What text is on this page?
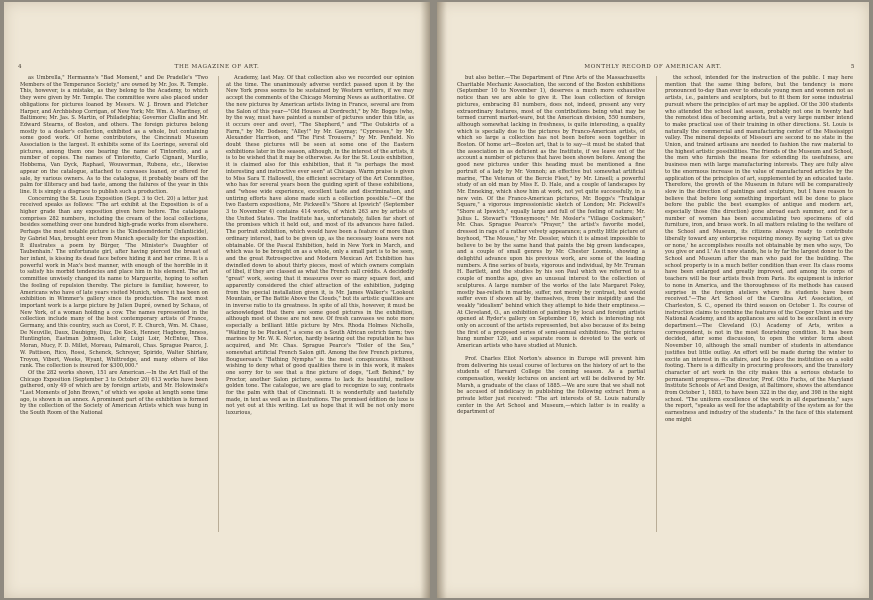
4	THE MAGAZINE OF ART.

as Umbrella," Hermanns's "Bad Moment," and De Pradelle's "Two Members of the Temperance Society," are owned by Mr. Jos. R. Temple. This, however, is a mistake, as they belong to the Academy, to which they were given by Mr. Temple. The committee were also placed under obligations for pictures loaned by Messrs. W. J. Brown and Fletcher Harper, and Archbishop Corrigan, of New York; Mr. Wm. A. Maritney, of Baltimore; Mr. Jas. S. Martin, of Philadelphia; Governor Claflin and Mr. Edward Stearns, of Boston, and others. The foreign pictures belong mostly to a dealer's collection, exhibited as a whole, but containing some good work. Of home contributors, the Cincinnati Museum Association is the largest. It exhibits some of its Loeringe, several old pictures, among them one bearing the name of Tintoretto, and a number of copies. The names of Tintoretto, Carlo Cignani, Murillo, Hobbema, Van Dyck, Raphael, Wouwerman, Rubens, etc., likewise appear on the catalogue, attached to canvases loaned, or offered for sale, by various owners. As to the catalogue, it probably bears off the palm for illiteracy and bad taste, among the failures of the year in this line. It is simply a disgrace to publish such a production.

Concerning the St. Louis Exposition (Sept. 3 to Oct. 20) a letter just received speaks as follows: "The art exhibit at the Exposition is of a higher grade than any exposition given here before. The catalogue comprises 282 numbers, including the cream of the local collections, besides something over one hundred high-grade works from elsewhere. Perhaps the most notable picture is the 'Kindesmörderin' (Infanticide), by Gabriel Max, brought over from Munich specially for the exposition. It illustrates a poem by Bürger, 'The Minister's Daughter of Taubenhain.' The unfortunate girl, after having pierced the breast of her infant, is kissing its dead face before hiding it and her crime. It is a powerful work in Max's best manner, with enough of the horrible in it to satisfy his morbid tendencies and place him in his element. The art committee unwisely changed its name to Marguerite, hoping to soften the feeling of repulsion thereby. The picture is familiar, however, to Americans who have of late years visited Munich, where it has been on exhibition in Wimmer's gallery since its production. The next most important work is a large picture by Julien Dupré, owned by Schaus, of New York, of a woman holding a cow. The names represented in the collection include many of the best contemporary artists of France, Germany, and this country, such as Corot, F. E. Church, Wm. M. Chase, De Neuville, Daux, Daubigny, Diaz, De Kock, Henner, Hagborg, Inness, Huntington, Eastman Johnson, Leloir, Luigi Loir, McEntee, Thos. Moran, Mucy, F. D. Millet, Moreau, Palmaroli, Chas. Sprague Pearce, J. W. Pattison, Rico, Rossi, Schenck, Schreyer, Spirido, Walter Shirlaw, Troyon, Vibert, Weeks, Wyant, Whittredge, and many others of like rank. The collection is insured for $300,000."

Of the 282 works shown, 151 are American.—In the Art Hall of the Chicago Exposition (September 3 to October 20) 613 works have been gathered, only 49 of which are by foreign artists, and Mr. Holowinski's "Last Moments of John Brown," of which we spoke at length some time ago, is shown in an annex. A prominent part of the exhibition is formed by the collection of the Society of American Artists which was hung in the South Room of the National

Academy, last May. Of that collection also we recorded our opinion at the time. The unanimously adverse verdict passed upon it by the New York press seems to be sustained by Western writers, if we may accept the comments of the Chicago Morning News as authoritative. Of the new pictures by American artists living in France, several are from the Salon of this year—"Old Houses at Dordrecht," by Mr. Boggs (who, by the way, must have painted a number of pictures under this title, as it occurs over and over), "The Shepherd," and "The Outskirts of a Farm," by Mr. Dodson; "Alley!" by Mr. Gaymay; "Cypresses," by Mr. Alexander Harrison, and "The First Trousers," by Mr. Penfield. No doubt these pictures will be seen at some one of the Eastern exhibitions later in the season, although, in the interest of the artists, it is to be wished that it may be otherwise. As for the St. Louis exhibition, it is claimed also for this exhibition, that it "is perhaps the most interesting and instructive ever seen" at Chicago. Warm praise is given to Miss Sara T. Hallowell, the efficient secretary of the Art Committee, who has for several years been the guiding spirit of these exhibitions, and "whose wide experience, excellent taste and discrimination, and untiring efforts have alone made such a collection possible."—Of the two Eastern expositions, Mr. Pickwell's "Shore at Ipswich" (September 3 to November 4) contains 414 works, of which 263 are by artists of the United States. The Institute has, unfortunately, fallen far short of the promises which it held out, and most of its advances have failed. The portrait exhibition, which would have been a feature of more than ordinary interest, had to be given up, as the necessary loans were not obtainable. Of the Pascal Exhibition, held in New York in March, and which was to be brought on as a whole, only a small part is to be seen, and the great Retrospective and Modern Mexican Art Exhibition has dwindled down to about thirty pieces, most of which owners complain of libel, if they are classed as what the French call crédits. A decidedly "great" work, seeing that it measures over so many square feet, and apparently considered the chief attraction of the exhibition, judging from the special installation given it, is Mr. James Walker's "Lookout Mountain, or The Battle Above the Clouds," but its artistic qualities are in inverse ratio to its greatness. In spite of all this, however, it must be acknowledged that there are some good pictures in the exhibition, although most of these are not new. Of fresh canvases we note more especially a brilliant little picture by Mrs. Rhoda Holmes Nicholls, "Waiting to be Plucked," a scene on a South African ostrich farm; two marines by Mr. W. K. Norton, hardly bearing out the reputation he has acquired, and Mr. Chas. Sprague Pearce's "Toiler of the Sea," somewhat artificial French Salon gift. Among the few French pictures, Bouguereau's "Bathing Nymphs" is the most conspicuous. Without wishing to deny what of good qualities there is in this work, it makes one sorry for to see that a fine picture of dogs, "Left Behind," by Proctor, another Salon picture, seems to lack its beautiful, mellow golden tone. The catalogue, we are glad to recognize to say, contrasts for the palm with that of Cincinnati. It is wonderfully and tastefully made, in text as well as in illustrations. The promised édition de luxe is not yet out at this writing. Let us hope that it will be not only more luxurious,

MONTHLY RECORD OF AMERICAN ART.	5

but also better.—The Department of Fine Arts of the Massachusetts Charitable Mechanic Association, the second of the Boston exhibitions (September 10 to November 1), deserves a much more exhaustive notice than we are able to give it. The loan collection of foreign pictures, embracing 81 numbers, does not, indeed, present any very extraordinary features, most of the contributions being what may be termed current market-ware, but the American division, 550 numbers, although somewhat lacking in freshness, is quite interesting, a quality which is specially due to the pictures by Franco-American artists, of which so large a collection has not been before seen together in Boston. Of home art—Boston art, that is to say—it must be stated that the association in as deficient as the Institute, if we leave out of the account a number of pictures that have been shown before. Among the good new pictures under this heading must be mentioned a fine portrait of a lady by Mr. Vonnoh; an effective but somewhat artificial marine, "The Veteran of the Bercie Fleet," by Mr. Linsell; a powerful study of an old man by Miss E. D. Hale, and a couple of landscapes by Mr. Enneking, which show him at work, not yet quite successfully, in a new vein. Of the Franco-American pictures, Mr. Boggs's "Trafalgar Square," a vigorous impressionistic sketch of London; Mr. Pickwell's "Shore at Ipswich," equally large and full of the feeling of nature; Mr. Julius L. Stewart's "Honeymoon;" Mr. Mosler's "Village Cockmaker;" Mr. Chas. Sprague Pearce's "Prayer," the artist's favorite model, dressed in rags of a rather velvety appearance; a pretty little picture of boyhood, "The Mouse," by Mr. Dessler, which it is almost impossible to believe to be by the same hand that paints the big green landscapes, and a couple of small genres by Mr. Chester Loomis, showing a delightful advance upon his previous work, are some of the leading numbers. A fine series of busts, vigorous and individual, by Mr. Truman H. Bartlett, and the studies by his son Paul which we referred to a couple of months ago, give an unusual interest to the collection of sculptures. A large number of the works of the late Margaret Foley, mostly bas-reliefs in marble, suffer, not merely by contrast, but would suffer even if shown all by themselves, from their insipidity and the weakly "idealism" behind which they attempt to hide their emptiness.—At Cleveland, O., an exhibition of paintings by local and foreign artists opened at Ryder's gallery on September 16, which is interesting not only on account of the artists represented, but also because of its being the first of a proposed series of semi-annual exhibitions. The pictures hung number 120, and a separate room is devoted to the work of American artists who have studied at Munich.

Prof. Charles Eliot Norton's absence in Europe will prevent him from delivering his usual course of lectures on the history of art to the students of Harvard College the coming season. As a partial compensation, weekly lectures on ancient art will be delivered by Mr. Marsh, a graduate of the class of 1885.—We are sure that we shall not be accused of indelicacy in publishing the following extract from a private letter just received: "The art interests of St. Louis naturally center in the Art School and Museum,—which latter is in reality a department of

the school, intended for the instruction of the public. I may here mention that the same thing before, but the tendency is more pronounced to-day than ever to educate young men and women not as artists, i.e., painters and sculptors, but to fit them for some industrial pursuit where the principles of art may be applied. Of the 300 students who attended the school last season, probably not one in twenty had the remotest idea of becoming artists, but a very large number intend to make practical use of their training in other directions. St. Louis is naturally the commercial and manufacturing center of the Mississippi valley. The mineral deposits of Missouri are second to no state in the Union, and trained artisans are needed to fashion the raw material to the highest artistic possibilities. The friends of the Museum and School, the men who furnish the means for extending its usefulness, are business men with large manufacturing interests. They are fully alive to the enormous increase in the value of manufactured articles by the application of the principles of art, supplemented by an educated taste. Therefore, the growth of the Museum in future will be comparatively slow in the direction of paintings and sculpture, but I have reason to believe that before long something important will be done to place before the public the best examples of antique and modern art, especially those (the direction) gone abroad each summer, and for a number of women has been accumulating two specimens of old furniture, iron, and brass work. In all matters relating to the welfare of the School and Museum, its citizens always ready to contribute liberally toward any enterprise requiring money. By saying 'Let us give or none,' he accomplishes results not obtainable by men who says, 'Do you give or and I.' As it now stands, he is by far the largest donor to the School and Museum after the man who paid for the building. The school property is in a much better condition than ever. Its class rooms have been enlarged and greatly improved, and among its corps of teachers will be four artists fresh from Paris. Its equipment is inferior to none in America, and the thoroughness of its methods has caused surprise in the foreign ateliers where its students have been received."—The Art School of the Carolina Art Association, of Charleston, S. C., opened its third season on October 1. Its course of instruction claims to combine the features of the Cooper Union and the National Academy, and its appliances are said to be excellent in every department.—The Cleveland (O.) Academy of Arts, writes a correspondent, is not in the most flourishing condition. It has been decided, after some discussion, to open the winter term about November 10, although the small number of students in attendance justifies but little outlay. An effort will be made during the winter to excite an interest in its affairs, and to place the institution on a solid footing. There is a difficulty in procuring professors, and the transitory character of art work in the city makes this a serious obstacle to permanent progress.—The director, Prof. Otto Fuchs, of the Maryland Institute Schools of Art and Design, at Baltimore, shows the attendance from October 1, 1883, to have been 322 in the day, and 398 in the night school. "The uniform excellence of the work in all departments," says the report, "speaks as well for the adaptability of the system as for the earnestness and industry of the students." In the face of this statement one might
